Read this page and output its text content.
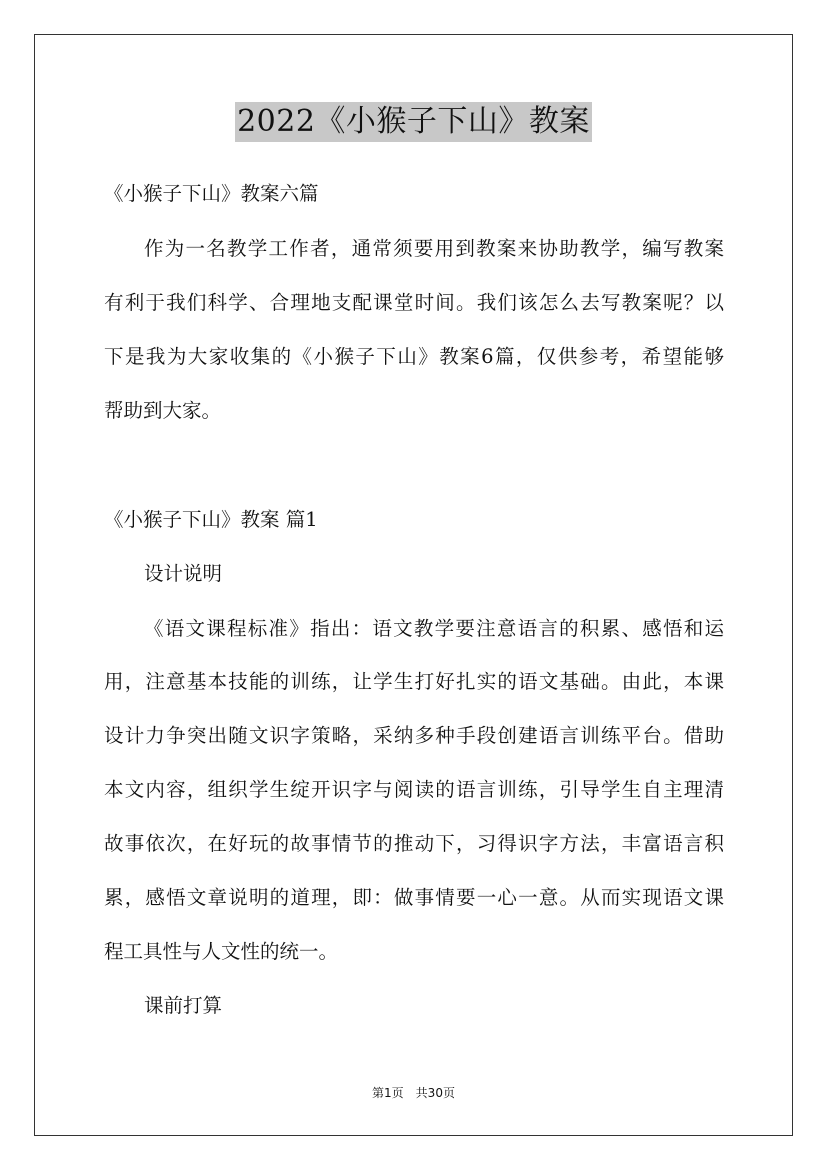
2022《小猴子下山》教案
《小猴子下山》教案六篇
作为一名教学工作者，通常须要用到教案来协助教学，编写教案
有利于我们科学、合理地支配课堂时间。我们该怎么去写教案呢？以
下是我为大家收集的《小猴子下山》教案6篇，仅供参考，希望能够
帮助到大家。
《小猴子下山》教案 篇1
设计说明
《语文课程标准》指出：语文教学要注意语言的积累、感悟和运
用，注意基本技能的训练，让学生打好扎实的语文基础。由此，本课
设计力争突出随文识字策略，采纳多种手段创建语言训练平台。借助
本文内容，组织学生绽开识字与阅读的语言训练，引导学生自主理清
故事依次，在好玩的故事情节的推动下，习得识字方法，丰富语言积
累，感悟文章说明的道理，即：做事情要一心一意。从而实现语文课
程工具性与人文性的统一。
课前打算
第1页　共30页
